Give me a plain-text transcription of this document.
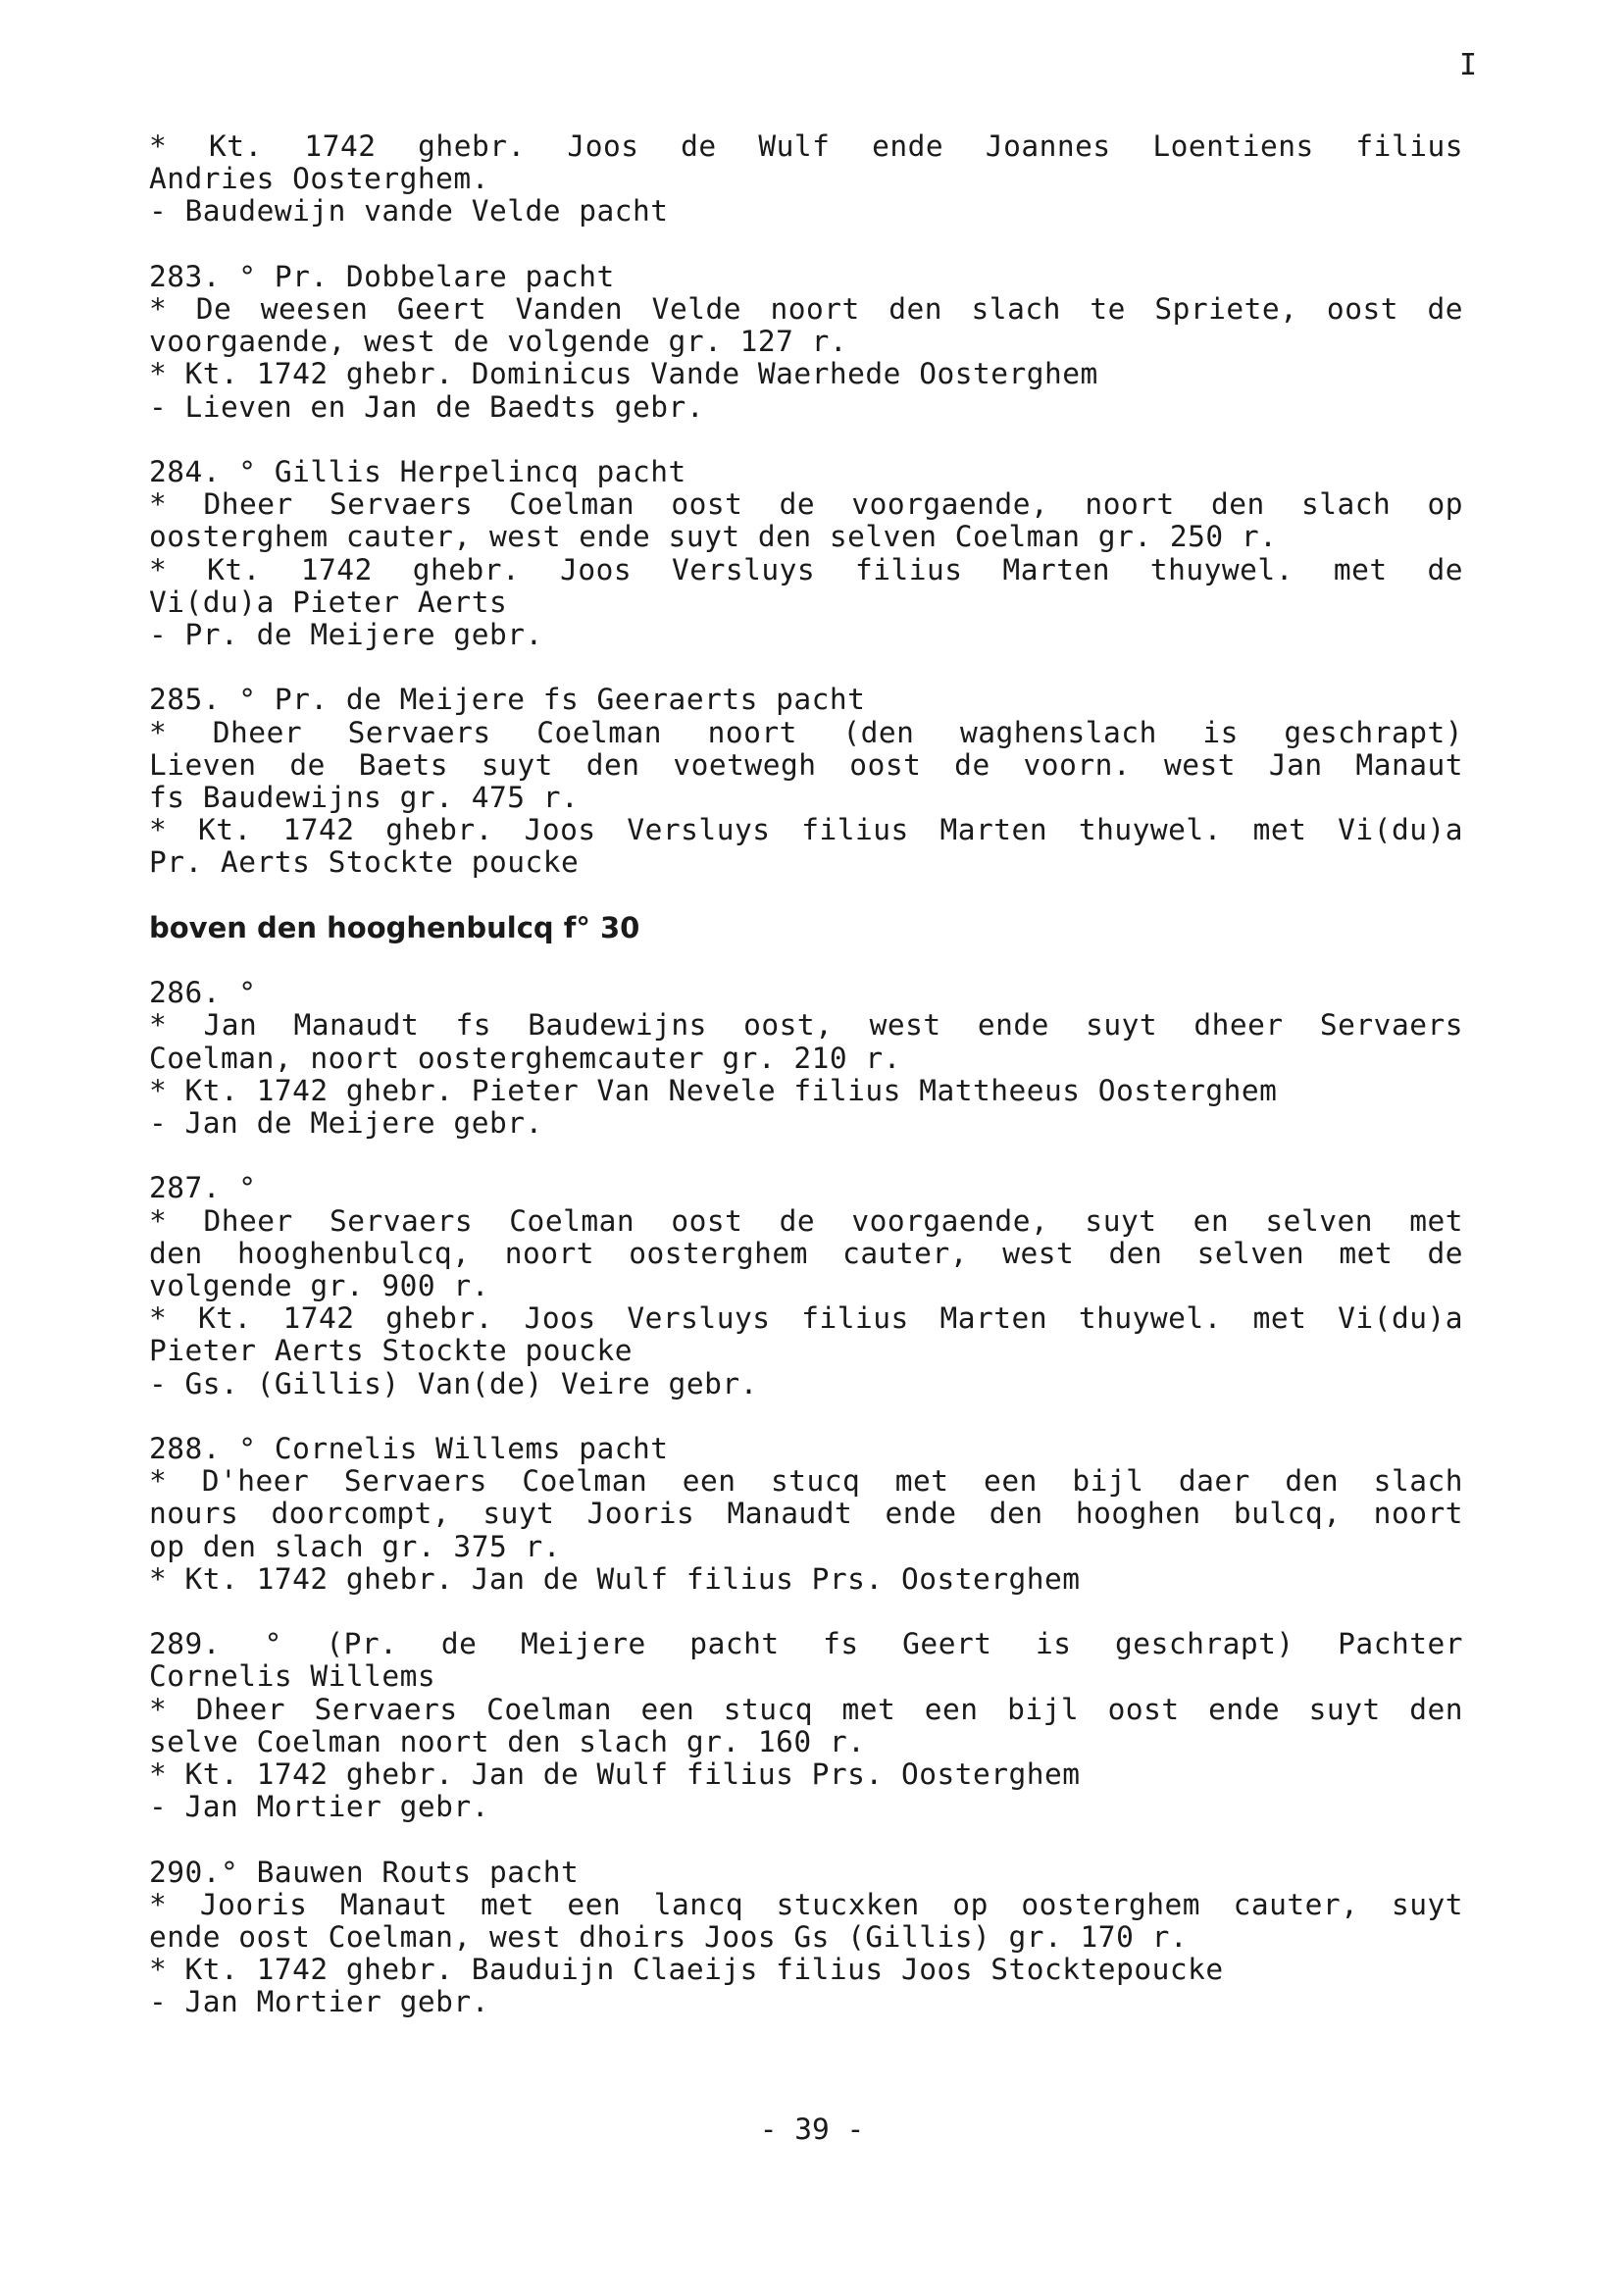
I
* Kt. 1742 ghebr. Joos de Wulf ende Joannes Loentiens filius
Andries Oosterghem.
- Baudewijn vande Velde pacht
283. ° Pr. Dobbelare pacht
* De weesen Geert Vanden Velde noort den slach te Spriete, oost de
voorgaende, west de volgende gr. 127 r.
* Kt. 1742 ghebr. Dominicus Vande Waerhede Oosterghem
- Lieven en Jan de Baedts gebr.
284. ° Gillis Herpelincq pacht
* Dheer Servaers Coelman oost de voorgaende, noort den slach op
oosterghem cauter, west ende suyt den selven Coelman gr. 250 r.
* Kt. 1742 ghebr. Joos Versluys filius Marten thuywel. met de
Vi(du)a Pieter Aerts
- Pr. de Meijere gebr.
285. ° Pr. de Meijere fs Geeraerts pacht
* Dheer Servaers Coelman noort (den waghenslach is geschrapt)
Lieven de Baets suyt den voetwegh oost de voorn. west Jan Manaut
fs Baudewijns gr. 475 r.
* Kt. 1742 ghebr. Joos Versluys filius Marten thuywel. met Vi(du)a
Pr. Aerts Stockte poucke
boven den hooghenbulcq f° 30
286. °
* Jan Manaudt fs Baudewijns oost, west ende suyt dheer Servaers
Coelman, noort oosterghemcauter gr. 210 r.
* Kt. 1742 ghebr. Pieter Van Nevele filius Mattheeus Oosterghem
- Jan de Meijere gebr.
287. °
* Dheer Servaers Coelman oost de voorgaende, suyt en selven met
den hooghenbulcq, noort oosterghem cauter, west den selven met de
volgende gr. 900 r.
* Kt. 1742 ghebr. Joos Versluys filius Marten thuywel. met Vi(du)a
Pieter Aerts Stockte poucke
- Gs. (Gillis) Van(de) Veire gebr.
288. ° Cornelis Willems pacht
* D'heer Servaers Coelman een stucq met een bijl daer den slach
nours doorcompt, suyt Jooris Manaudt ende den hooghen bulcq, noort
op den slach gr. 375 r.
* Kt. 1742 ghebr. Jan de Wulf filius Prs. Oosterghem
289. ° (Pr. de Meijere pacht fs Geert is geschrapt) Pachter
Cornelis Willems
* Dheer Servaers Coelman een stucq met een bijl oost ende suyt den
selve Coelman noort den slach gr. 160 r.
* Kt. 1742 ghebr. Jan de Wulf filius Prs. Oosterghem
- Jan Mortier gebr.
290.° Bauwen Routs pacht
* Jooris Manaut met een lancq stucxken op oosterghem cauter, suyt
ende oost Coelman, west dhoirs Joos Gs (Gillis) gr. 170 r.
* Kt. 1742 ghebr. Bauduijn Claeijs filius Joos Stocktepoucke
- Jan Mortier gebr.
- 39 -
